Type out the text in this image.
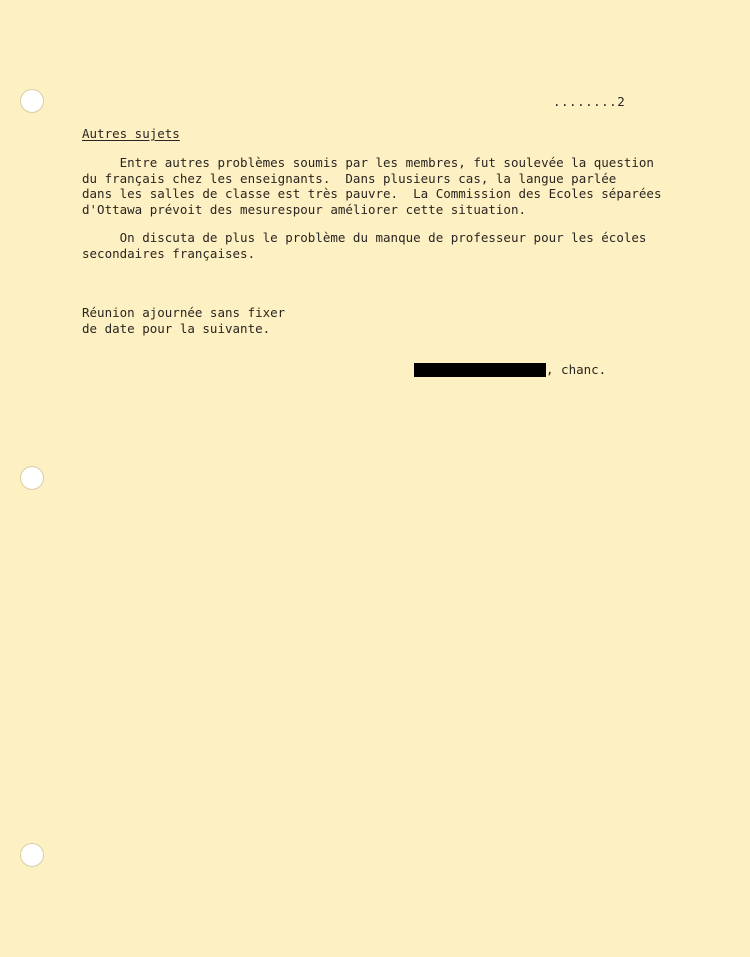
........2
Autres sujets
Entre autres problèmes soumis par les membres, fut soulevée la question
du français chez les enseignants.  Dans plusieurs cas, la langue parlée
dans les salles de classe est très pauvre.  La Commission des Ecoles séparées
d'Ottawa prévoit des mesurespour améliorer cette situation.
On discuta de plus le problème du manque de professeur pour les écoles
secondaires françaises.
Réunion ajournée sans fixer
de date pour la suivante.
, chanc.
